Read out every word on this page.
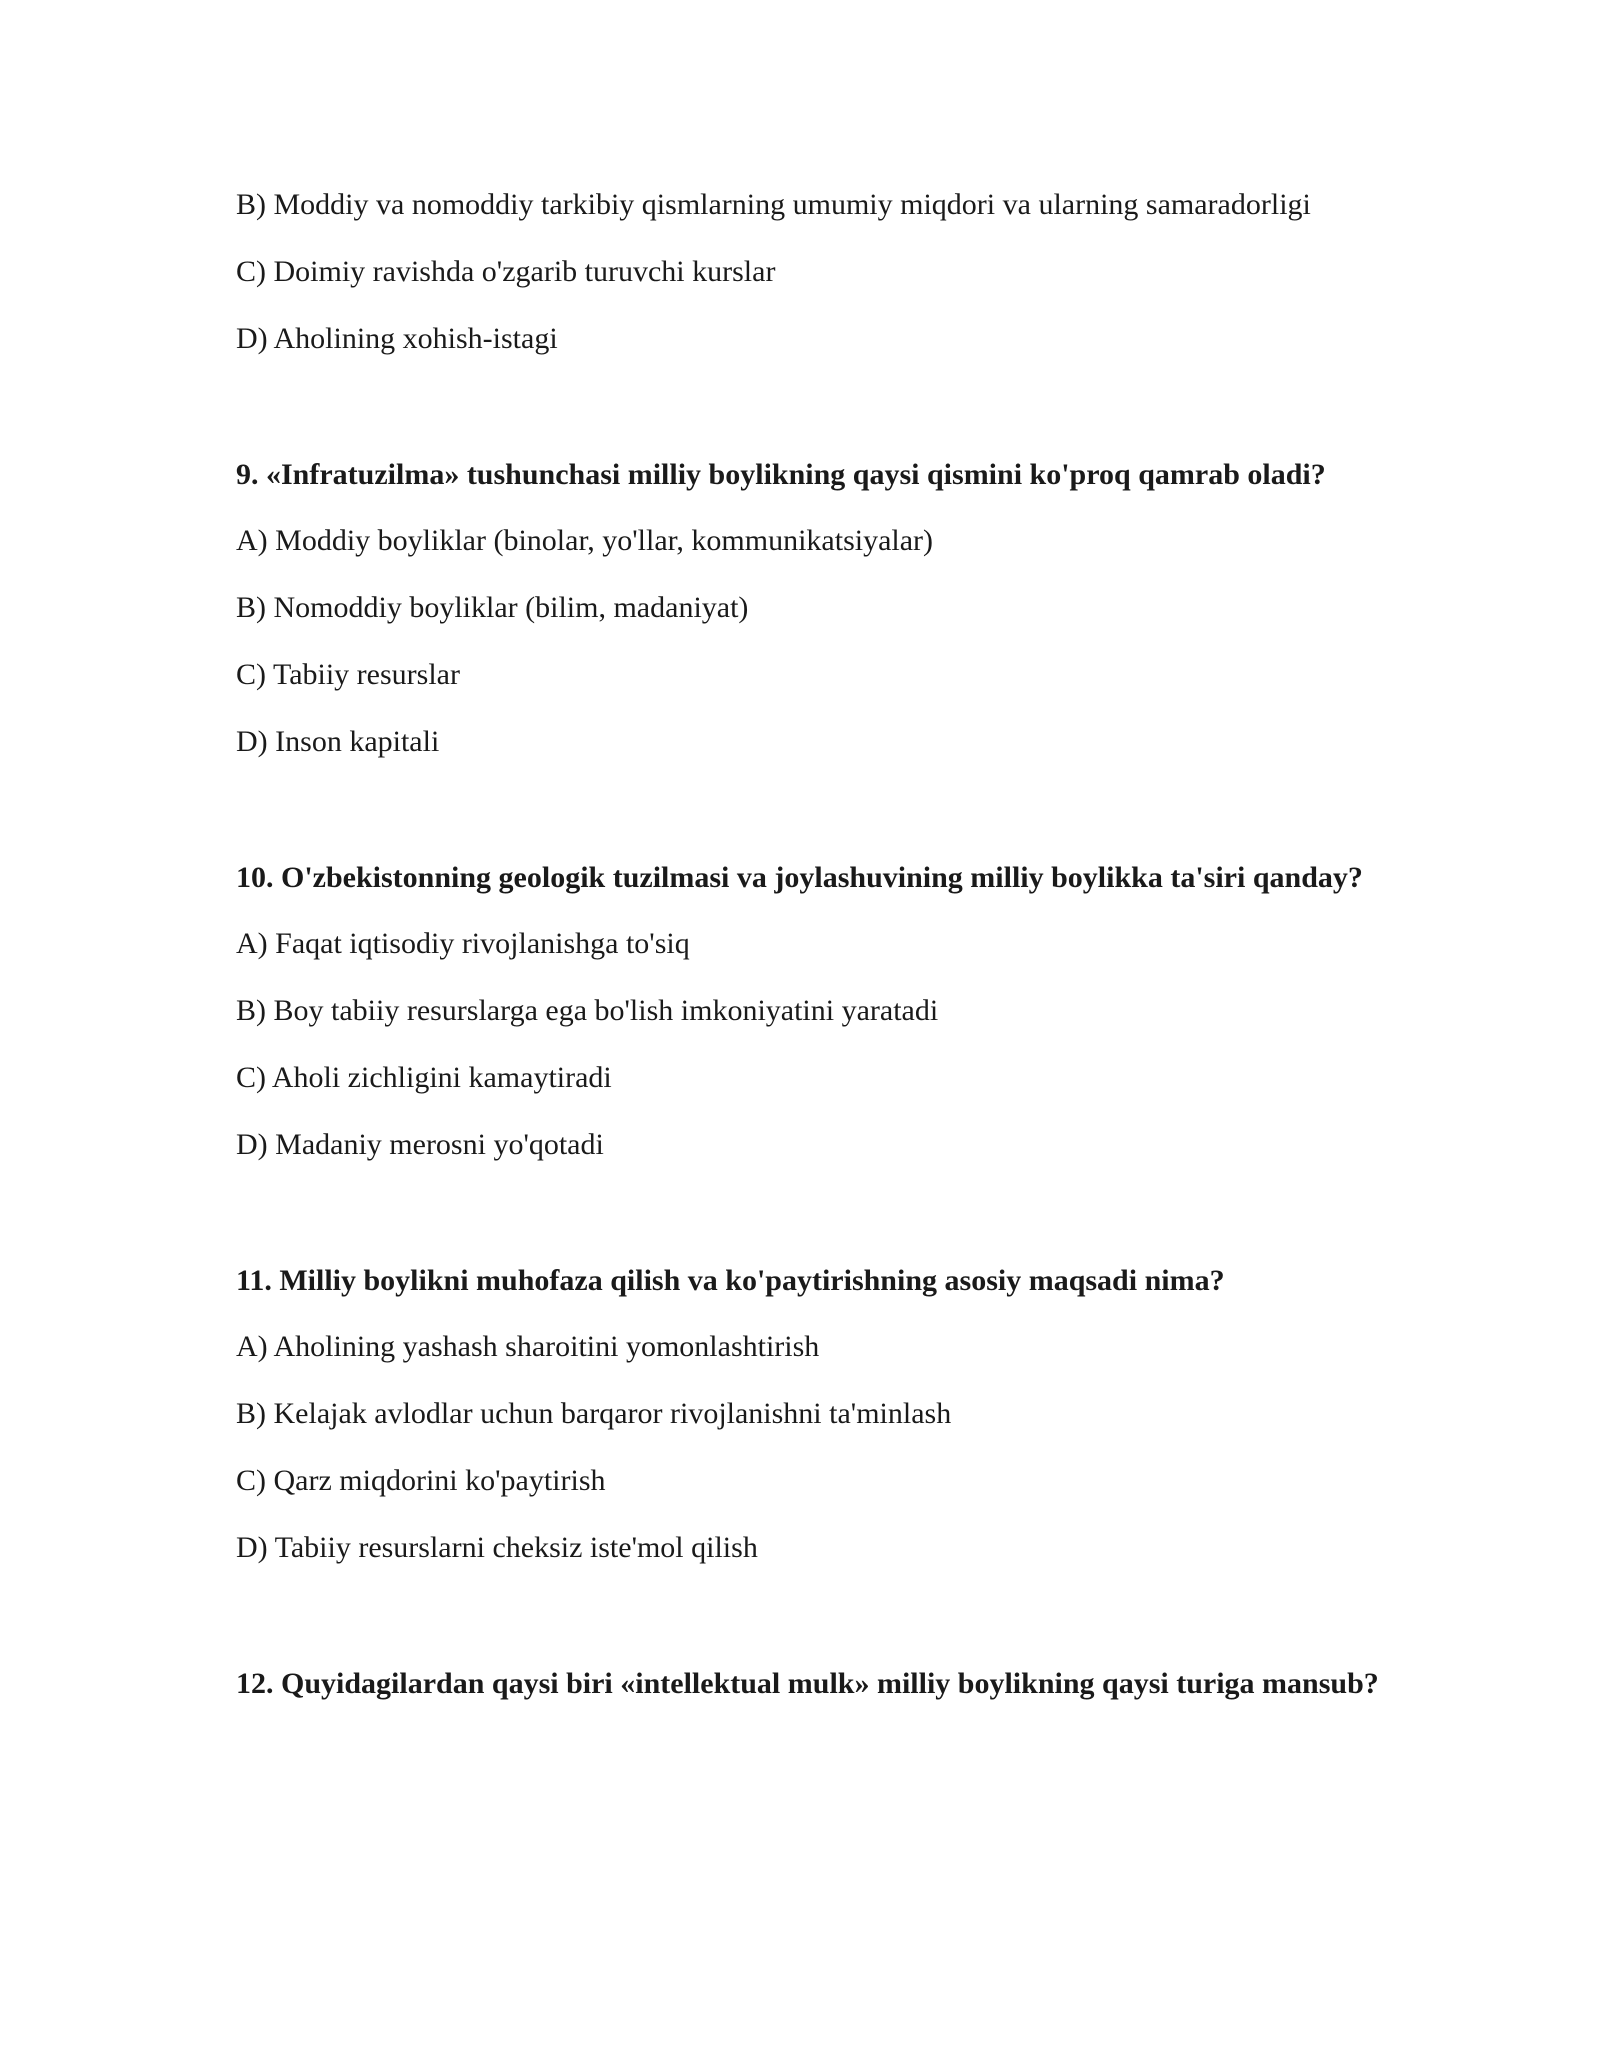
B) Moddiy va nomoddiy tarkibiy qismlarning umumiy miqdori va ularning samaradorligi

C) Doimiy ravishda o'zgarib turuvchi kurslar

D) Aholining xohish-istagi

9. «Infratuzilma» tushunchasi milliy boylikning qaysi qismini ko'proq qamrab oladi?

A) Moddiy boyliklar (binolar, yo'llar, kommunikatsiyalar)

B) Nomoddiy boyliklar (bilim, madaniyat)

C) Tabiiy resurslar

D) Inson kapitali

10. O'zbekistonning geologik tuzilmasi va joylashuvining milliy boylikka ta'siri qanday?

A) Faqat iqtisodiy rivojlanishga to'siq

B) Boy tabiiy resurslarga ega bo'lish imkoniyatini yaratadi

C) Aholi zichligini kamaytiradi

D) Madaniy merosni yo'qotadi

11. Milliy boylikni muhofaza qilish va ko'paytirishning asosiy maqsadi nima?

A) Aholining yashash sharoitini yomonlashtirish

B) Kelajak avlodlar uchun barqaror rivojlanishni ta'minlash

C) Qarz miqdorini ko'paytirish

D) Tabiiy resurslarni cheksiz iste'mol qilish

12. Quyidagilardan qaysi biri «intellektual mulk» milliy boylikning qaysi turiga mansub?
